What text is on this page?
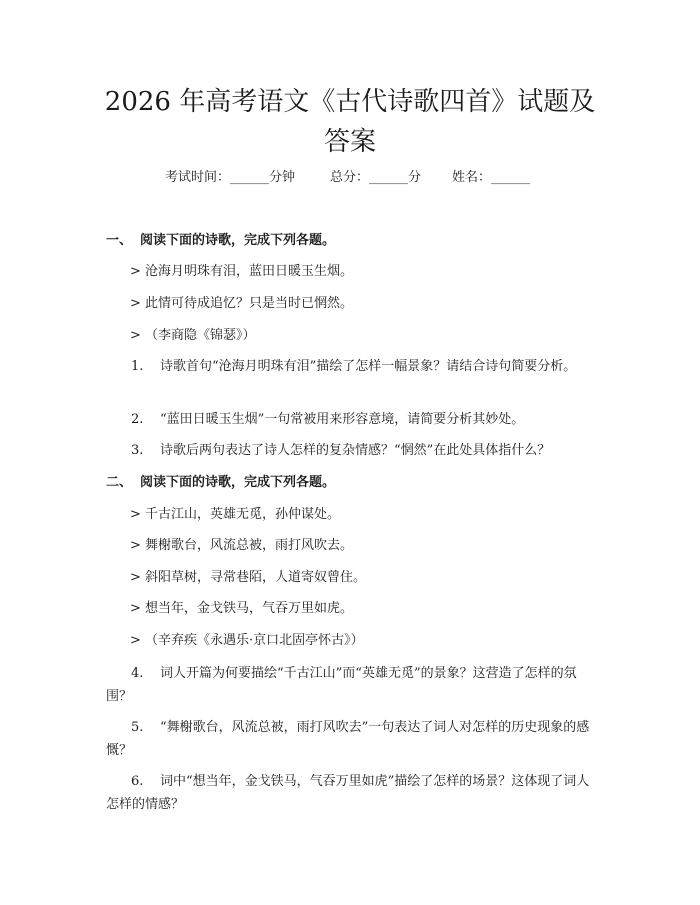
2026 年高考语文《古代诗歌四首》试题及答案
考试时间：______分钟	总分：______分 姓名：______
一、 阅读下面的诗歌，完成下列各题。
> 沧海月明珠有泪，蓝田日暖玉生烟。
> 此情可待成追忆？只是当时已惘然。
> （李商隐《锦瑟》）
1. 诗歌首句“沧海月明珠有泪”描绘了怎样一幅景象？请结合诗句简要分析。
2. “蓝田日暖玉生烟”一句常被用来形容意境，请简要分析其妙处。
3. 诗歌后两句表达了诗人怎样的复杂情感？“惘然”在此处具体指什么？
二、 阅读下面的诗歌，完成下列各题。
> 千古江山，英雄无觅，孙仲谋处。
> 舞榭歌台，风流总被，雨打风吹去。
> 斜阳草树，寻常巷陌，人道寄奴曾住。
> 想当年，金戈铁马，气吞万里如虎。
> （辛弃疾《永遇乐·京口北固亭怀古》）
4. 词人开篇为何要描绘“千古江山”而“英雄无觅”的景象？这营造了怎样的氛围？
5. “舞榭歌台，风流总被，雨打风吹去”一句表达了词人对怎样的历史现象的感慨？
6. 词中“想当年，金戈铁马，气吞万里如虎”描绘了怎样的场景？这体现了词人怎样的情感？
